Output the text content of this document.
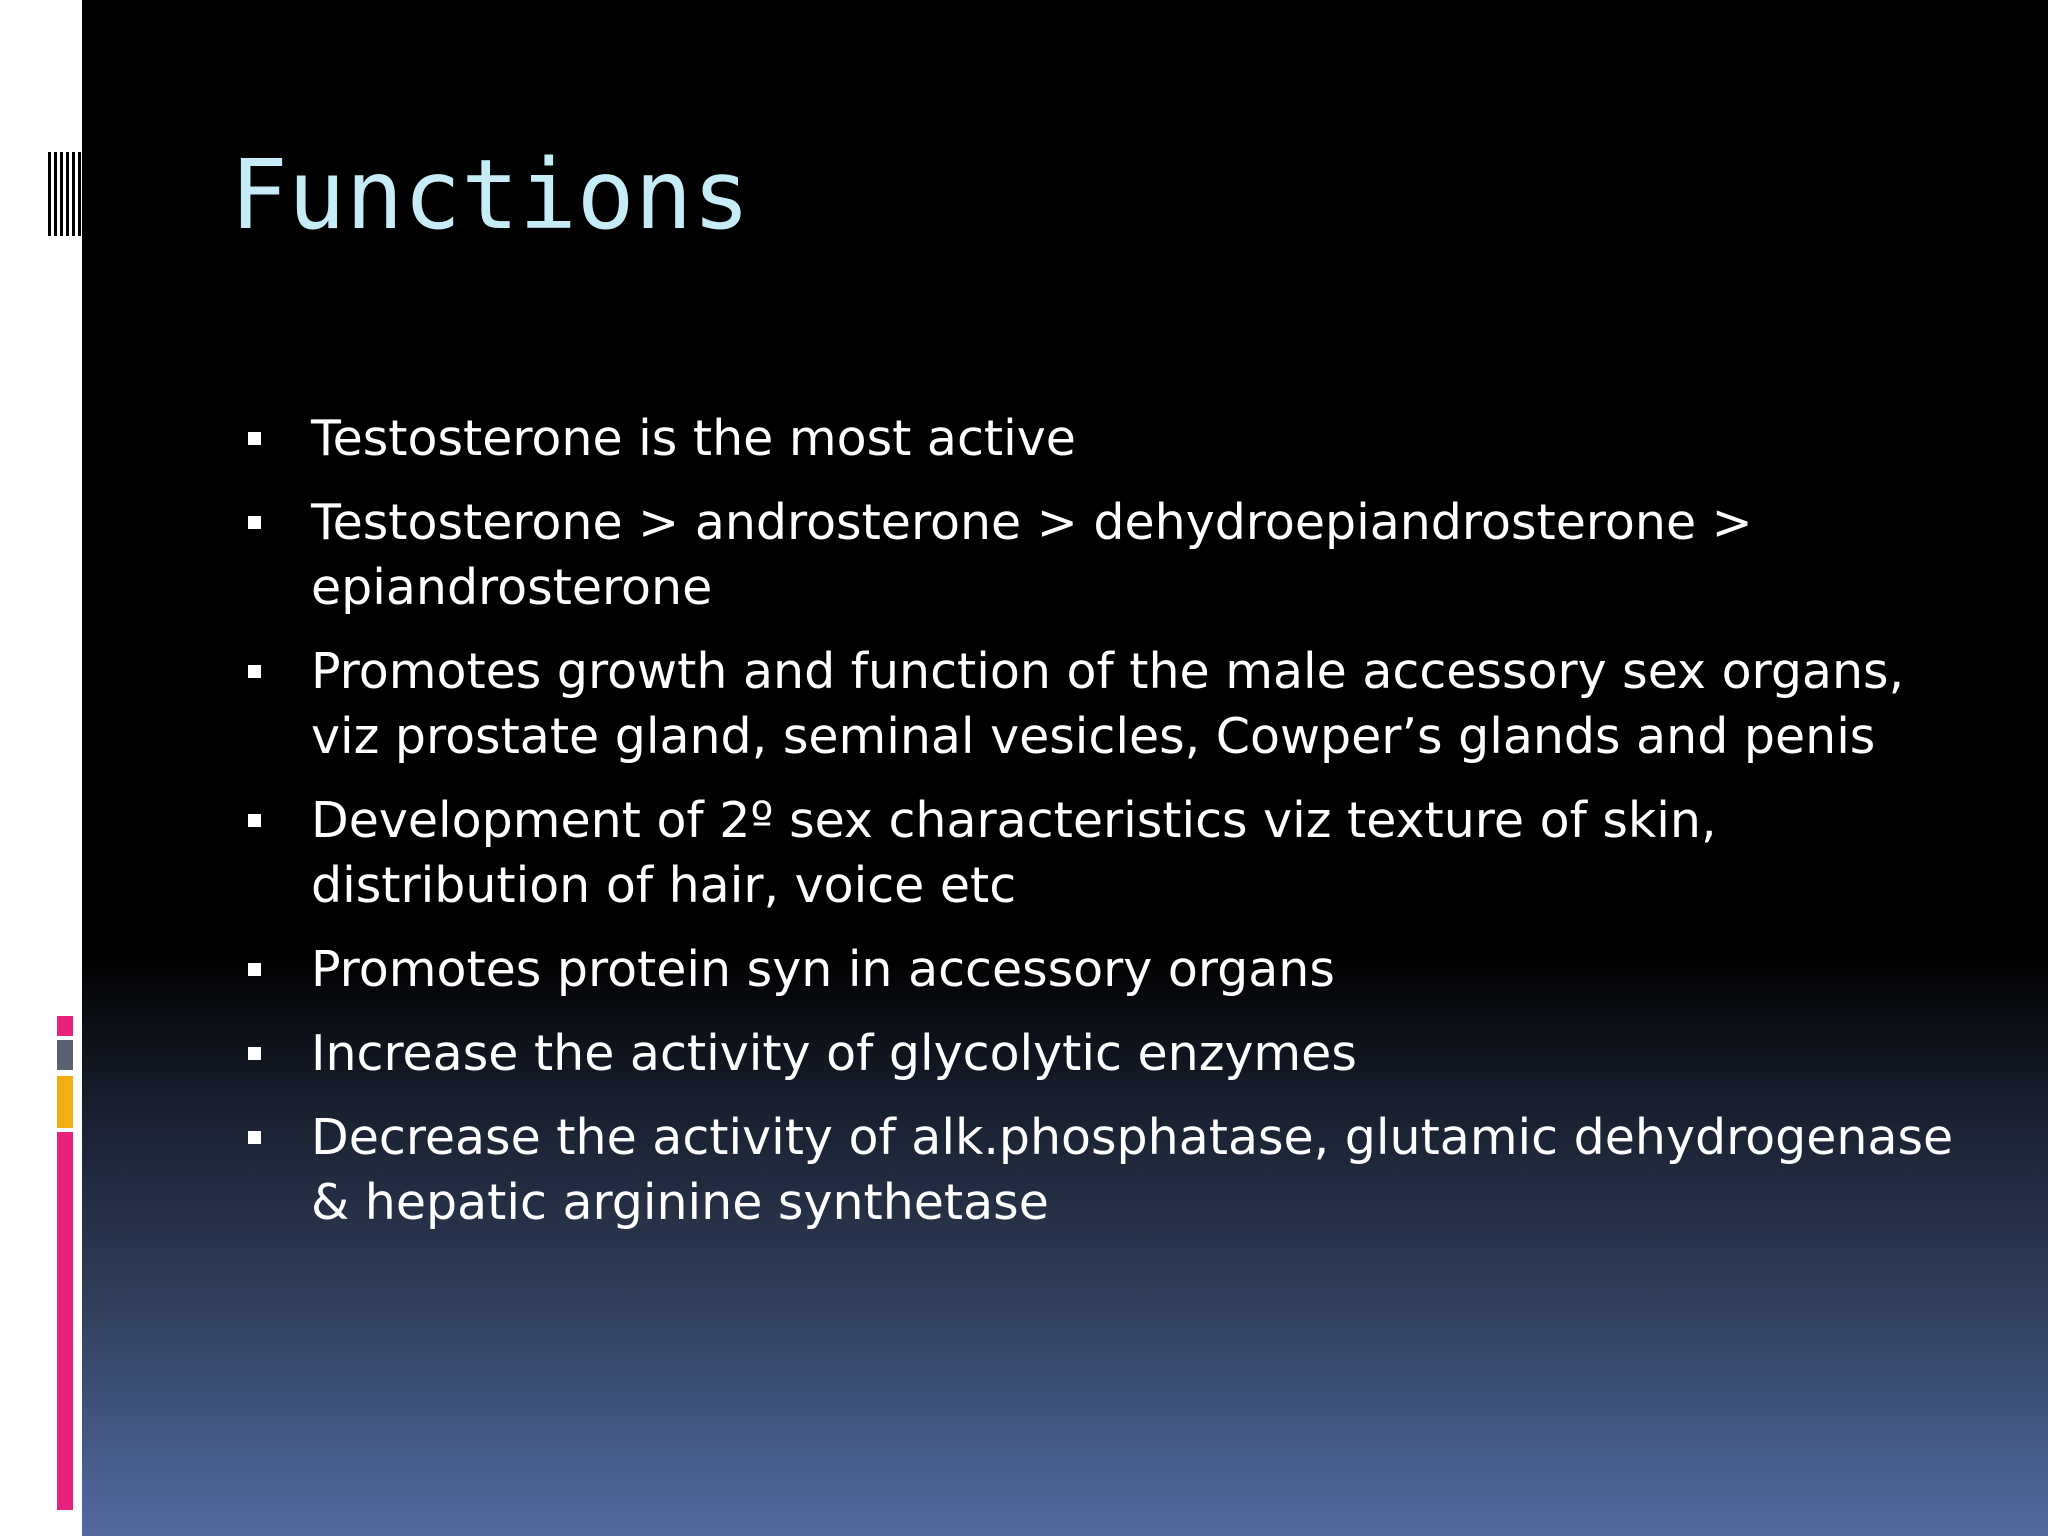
Functions
Testosterone is the most active
Testosterone > androsterone > dehydroepiandrosterone > epiandrosterone
Promotes growth and function of the male accessory sex organs, viz prostate gland, seminal vesicles, Cowper’s glands and penis
Development of 2º sex characteristics viz texture of skin, distribution of hair, voice etc
Promotes protein syn in accessory organs
Increase the activity of glycolytic enzymes
Decrease the activity of alk.phosphatase, glutamic dehydrogenase & hepatic arginine synthetase
